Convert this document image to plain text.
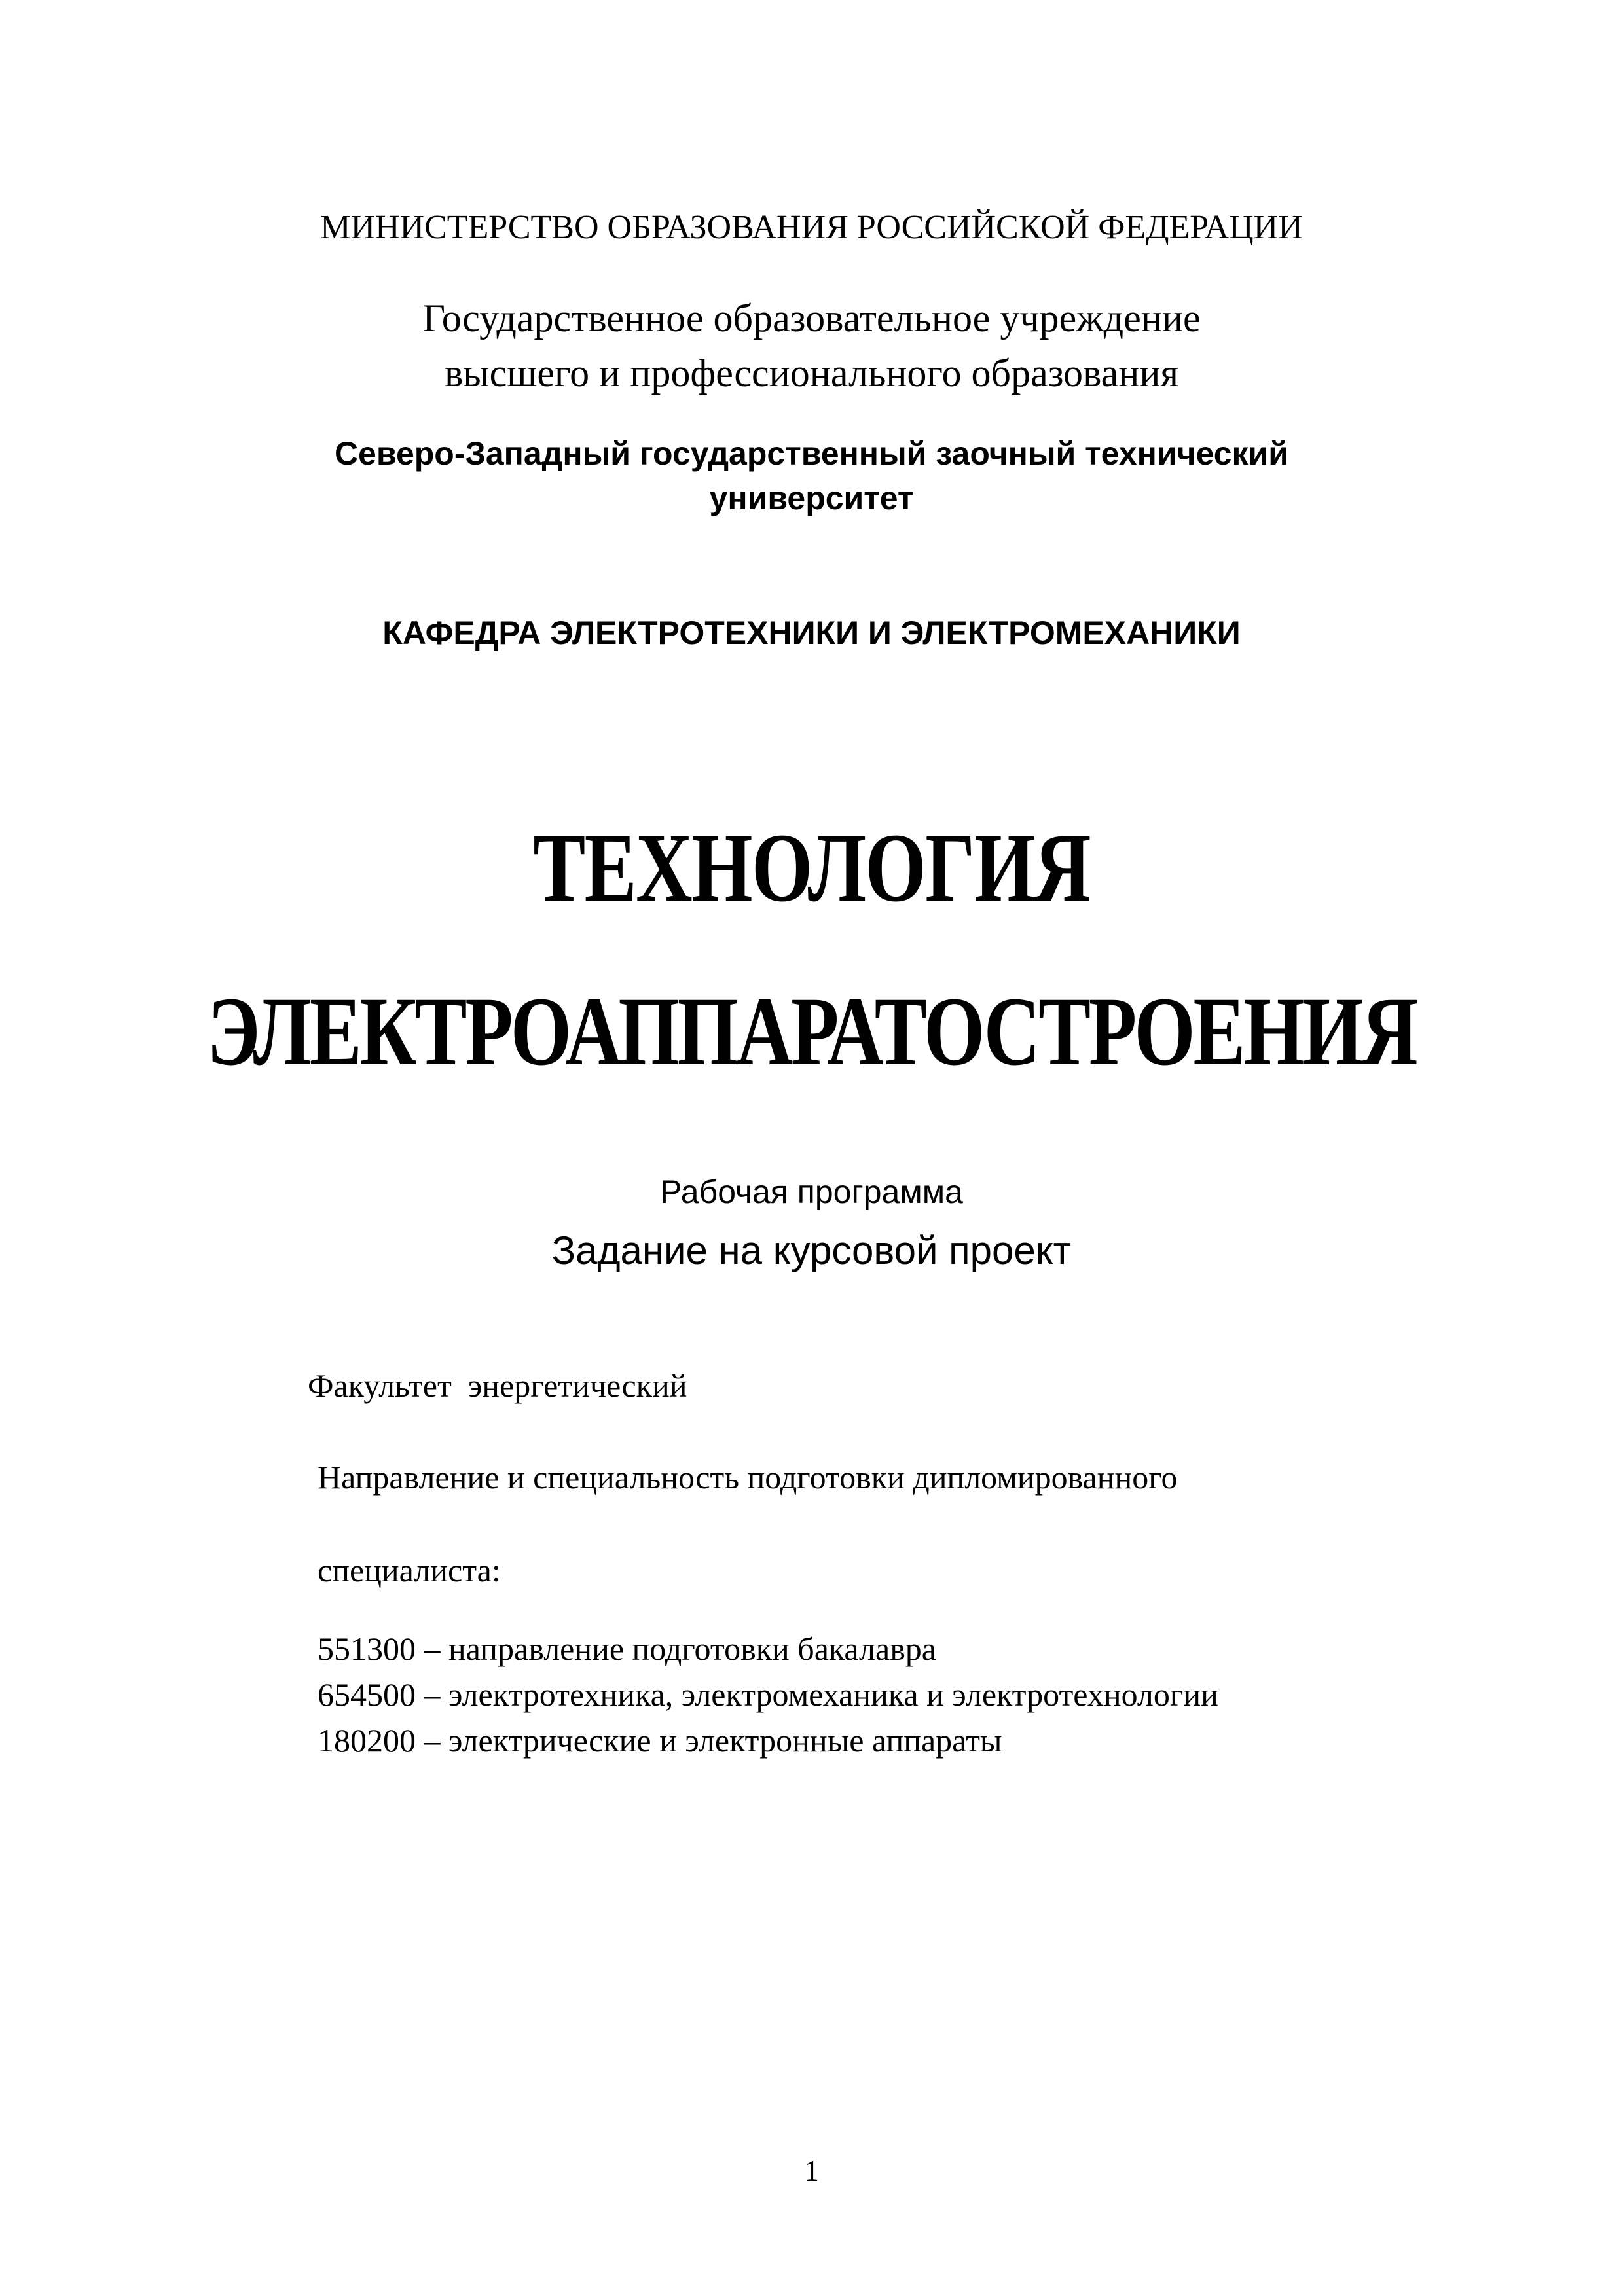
МИНИСТЕРСТВО ОБРАЗОВАНИЯ РОССИЙСКОЙ ФЕДЕРАЦИИ
Государственное образовательное учреждение
высшего и профессионального образования
Северо-Западный государственный заочный технический
университет
КАФЕДРА ЭЛЕКТРОТЕХНИКИ И ЭЛЕКТРОМЕХАНИКИ
ТЕХНОЛОГИЯ
ЭЛЕКТРОАППАРАТОСТРОЕНИЯ
Рабочая программа
Задание на курсовой проект
Факультет  энергетический
Направление и специальность подготовки дипломированного
специалиста:
551300 – направление подготовки бакалавра
654500 – электротехника, электромеханика и электротехнологии
180200 – электрические и электронные аппараты
1
